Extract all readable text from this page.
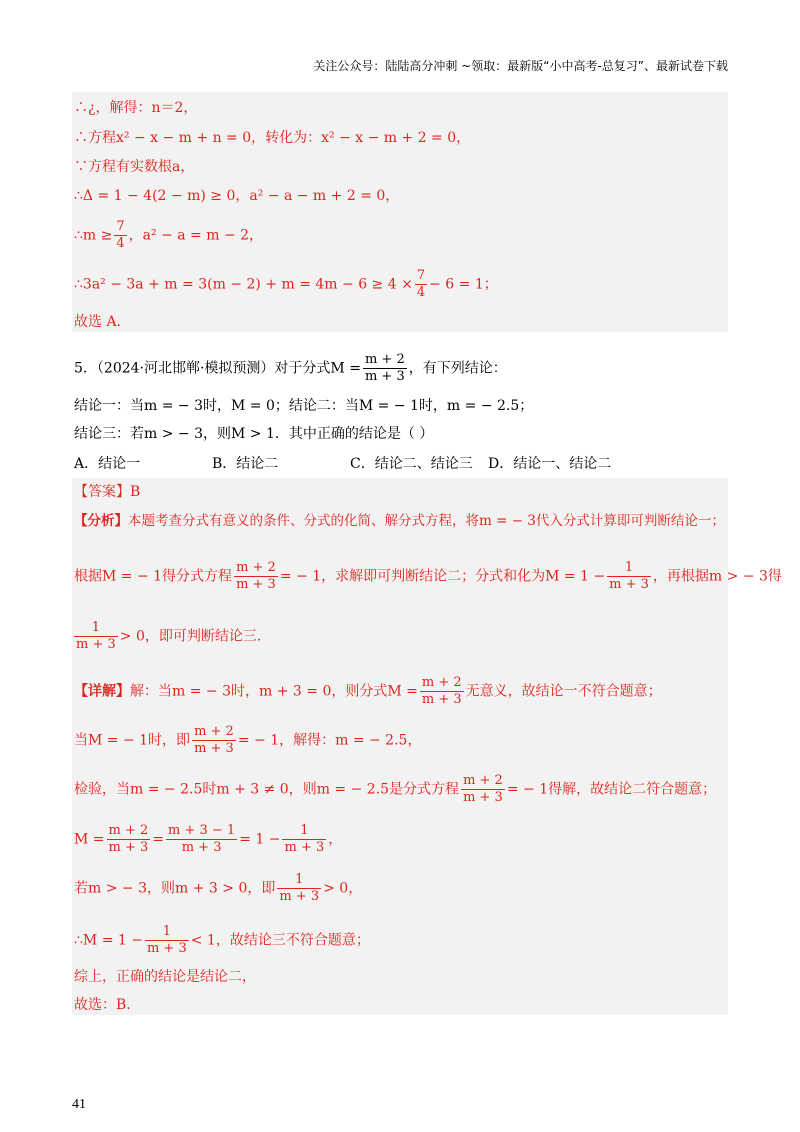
关注公众号：陆陆高分冲刺 ~领取：最新版“小中高考-总复习”、最新试卷下载
∴¿，解得：n＝2，
∴方程x² − x − m + n = 0，转化为：x² − x − m + 2 = 0，
∵方程有实数根a，
∴Δ = 1 − 4(2 − m) ≥ 0，a² − a − m + 2 = 0，
∴m ≥ $\frac{7}{4}$ ，a² − a = m − 2，
∴3a² − $3a + m = 3(m - 2) + m = 4m - 6 \ge 4 \times \frac{7}{4} - 6 = 1$；
故选 A.
5．（2024·河北邯郸·模拟预测）对于分式$M = \frac{m + 2}{m + 3}$ ，有下列结论：
结论一：当m = − 3时，M = 0；结论二：当M = − 1时，m = − 2.5；
结论三：若m > − 3，则M > 1．其中正确的结论是（ ）
A．结论一	B．结论二	C．结论二、结论三 D．结论一、结论二
【答案】B
【分析】本题考查分式有意义的条件、分式的化简、解分式方程，将m = − 3代入分式计算即可判断结论一；
根据M = − 1得分式方程 $\frac{m + 2}{m + 3}$ = − 1，求解即可判断结论二；分式和化为$M = 1 - \frac{1}{m + 3}$ ，再根据m > − 3得
$\frac{1}{m + 3} > 0$，即可判断结论三.
【详解】解：当m = − 3时，m + 3 = 0，则分式$M = \frac{m + 2}{m + 3}$ 无意义，故结论一不符合题意；
当M = − 1时，即 $\frac{m + 2}{m + 3}$ = − 1，解得：m = − 2.5，
检验，当m = − 2.5时m + 3 ≠ 0，则m = − 2.5是分式方程 $\frac{m + 2}{m + 3}$ = − 1得解，故结论二符合题意；
$M = \frac{m + 2}{m + 3} = \frac{m + 3 - 1}{m + 3} = 1 - \frac{1}{m + 3}$ ，
若m > − 3，则m + 3 > 0，即 $\frac{1}{m + 3} > 0$，
∴M = $1 - \frac{1}{m + 3} < 1$，故结论三不符合题意；
综上，正确的结论是结论二，
故选：B.
41
